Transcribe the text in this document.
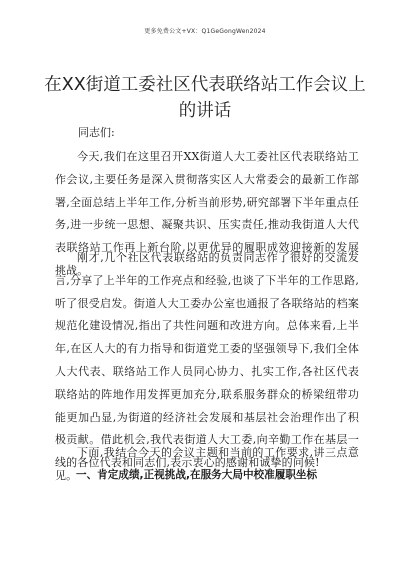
更多免费公文+VX：Q1GeGongWen2024
在XX街道工委社区代表联络站工作会议上的讲话

同志们:

今天,我们在这里召开XX街道人大工委社区代表联络站工作会议,主要任务是深入贯彻落实区人大常委会的最新工作部署,全面总结上半年工作,分析当前形势,研究部署下半年重点任务,进一步统一思想、凝聚共识、压实责任,推动我街道人大代表联络站工作再上新台阶,以更优异的履职成效迎接新的发展挑战。

刚才,几个社区代表联络站的负责同志作了很好的交流发言,分享了上半年的工作亮点和经验,也谈了下半年的工作思路,听了很受启发。街道人大工委办公室也通报了各联络站的档案规范化建设情况,指出了共性问题和改进方向。总体来看,上半年,在区人大的有力指导和街道党工委的坚强领导下,我们全体人大代表、联络站工作人员同心协力、扎实工作,各社区代表联络站的阵地作用发挥更加充分,联系服务群众的桥梁纽带功能更加凸显,为街道的经济社会发展和基层社会治理作出了积极贡献。借此机会,我代表街道人大工委,向辛勤工作在基层一线的各位代表和同志们,表示衷心的感谢和诚挚的问候!

下面,我结合今天的会议主题和当前的工作要求,讲三点意见。

一、肯定成绩,正视挑战,在服务大局中校准履职坐标
